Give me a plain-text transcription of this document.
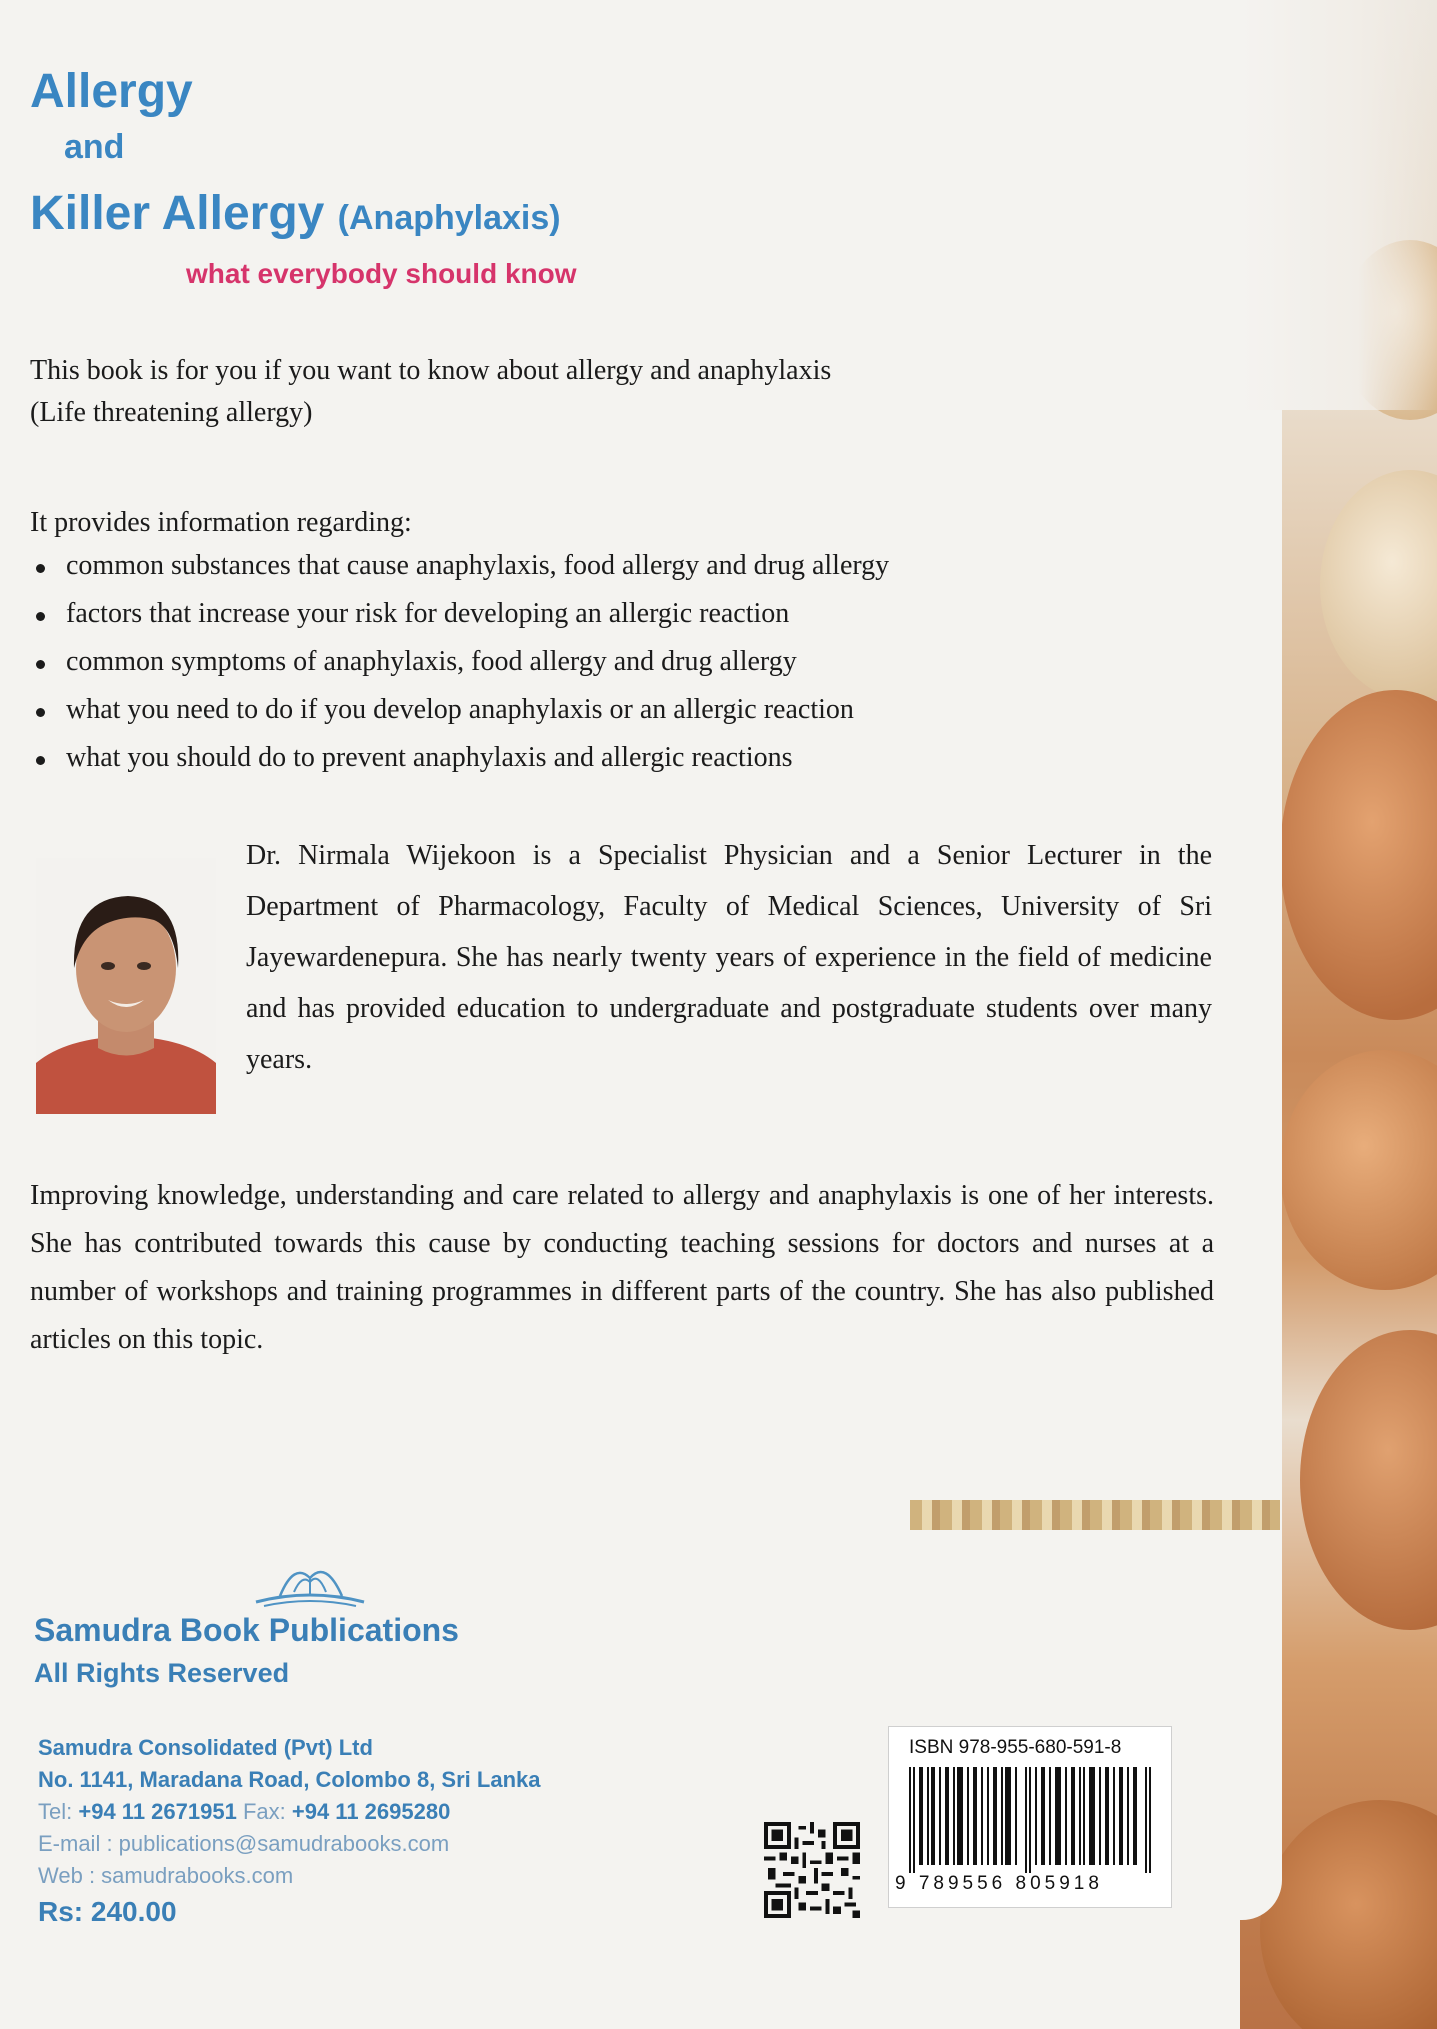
Allergy

and

Killer Allergy (Anaphylaxis)

what everybody should know

This book is for you if you want to know about allergy and anaphylaxis
(Life threatening allergy)

It provides information regarding:

common substances that cause anaphylaxis, food allergy and drug allergy
factors that increase your risk for developing an allergic reaction
common symptoms of anaphylaxis, food allergy and drug allergy
what you need to do if you develop anaphylaxis or an allergic reaction
what you should do to prevent anaphylaxis and allergic reactions

Dr. Nirmala Wijekoon is a Specialist Physician and a Senior Lecturer in the Department of Pharmacology, Faculty of Medical Sciences, University of Sri Jayewardenepura. She has nearly twenty years of experience in the field of medicine and has provided education to undergraduate and postgraduate students over many years.

Improving knowledge, understanding and care related to allergy and anaphylaxis is one of her interests. She has contributed towards this cause by conducting teaching sessions for doctors and nurses at a number of workshops and training programmes in different parts of the country. She has also published articles on this topic.

Samudra Book Publications

All Rights Reserved

Samudra Consolidated (Pvt) Ltd
No. 1141, Maradana Road, Colombo 8, Sri Lanka
Tel: +94 11 2671951 Fax: +94 11 2695280
E-mail : publications@samudrabooks.com
Web : samudrabooks.com

Rs: 240.00

ISBN 978-955-680-591-8

9 789556 805918
